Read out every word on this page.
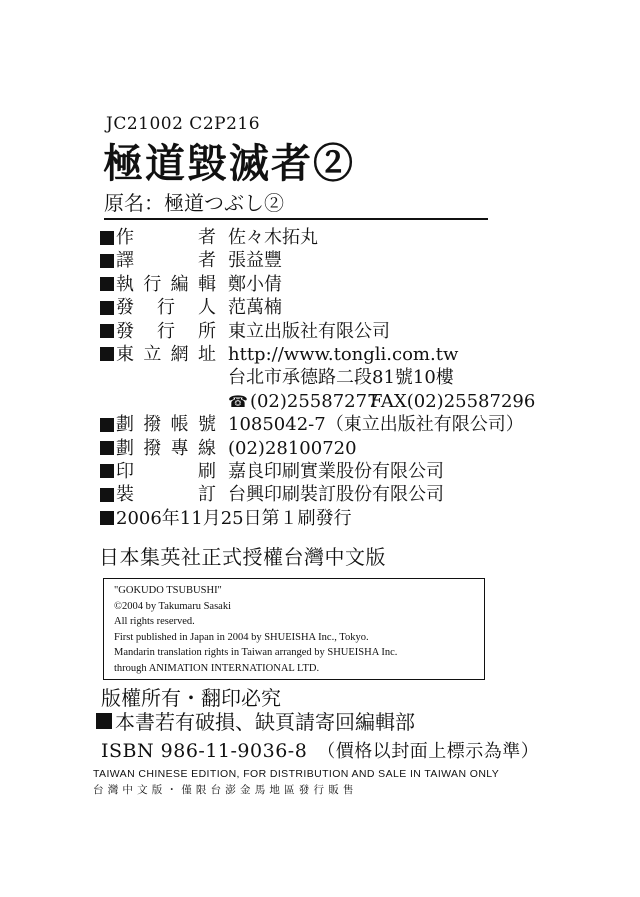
JC21002 C2P216
極道毀滅者②
原名：極道つぶし②
作　者 佐々木拓丸
譯　者 張益豐
執行編輯 鄭小倩
發行人 范萬楠
發行所 東立出版社有限公司
東立網址 http://www.tongli.com.tw
台北市承德路二段81號10樓
☎ (02)25587277
FAX(02)25587296
劃撥帳號 1085042-7（東立出版社有限公司）
劃撥專線 (02)28100720
印　刷 嘉良印刷實業股份有限公司
裝　訂 台興印刷裝訂股份有限公司
2006年11月25日第１刷發行
日本集英社正式授權台灣中文版
"GOKUDO TSUBUSHI"
©2004 by Takumaru Sasaki
All rights reserved.
First published in Japan in 2004 by SHUEISHA Inc., Tokyo.
Mandarin translation rights in Taiwan arranged by SHUEISHA Inc.
through ANIMATION INTERNATIONAL LTD.
版權所有・翻印必究
本書若有破損、缺頁請寄回編輯部
ISBN 986-11-9036-8 （價格以封面上標示為準）
TAIWAN CHINESE EDITION, FOR DISTRIBUTION AND SALE IN TAIWAN ONLY
台灣中文版・僅限台澎金馬地區發行販售
